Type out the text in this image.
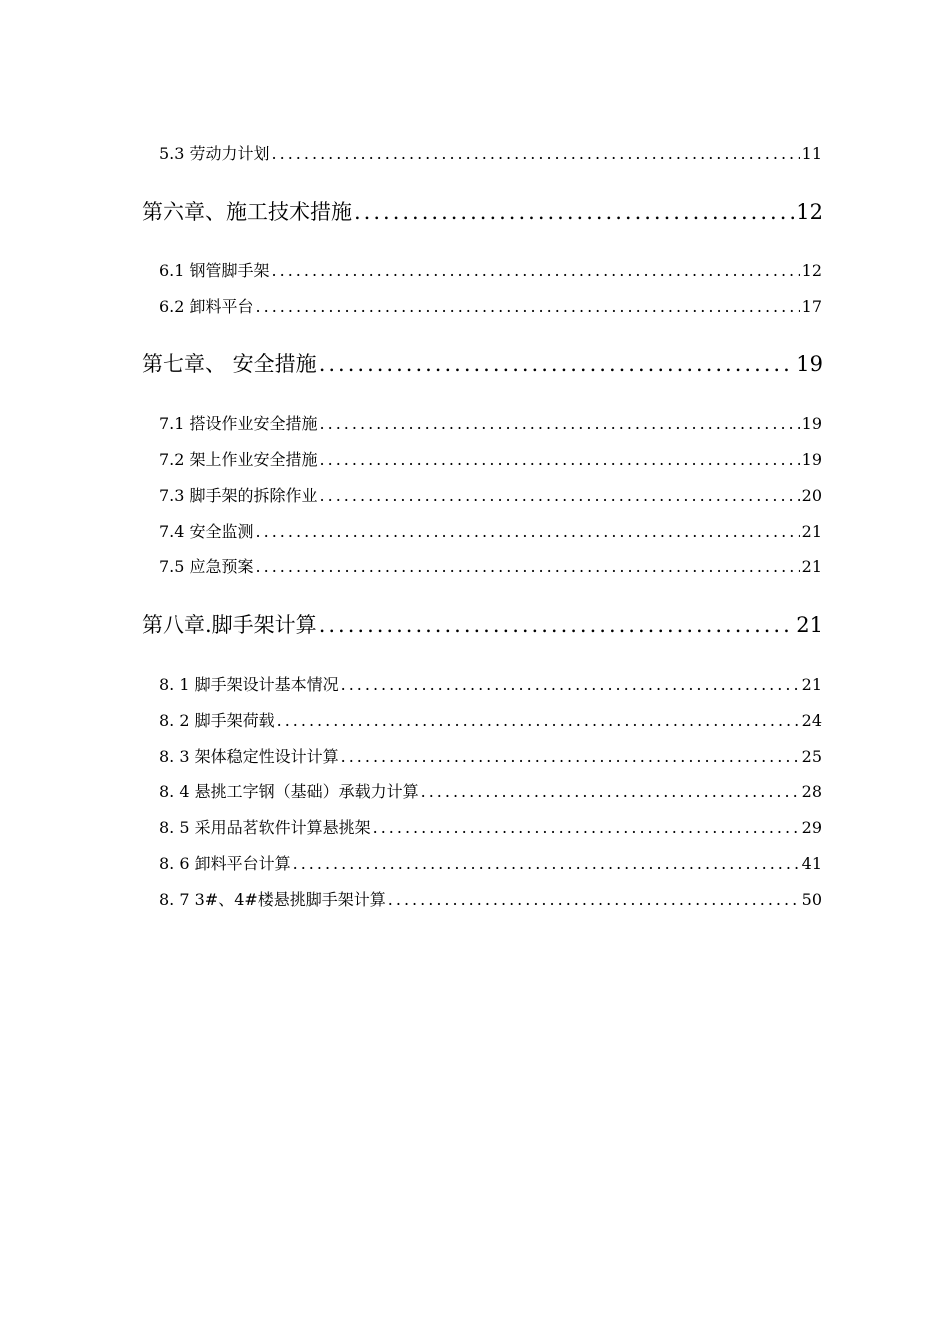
5.3 劳动力计划 .....	11
第六章、施工技术措施 .....	12
6.1 钢管脚手架 .....	12
6.2 卸料平台 .....	17
第七章、 安全措施 .....	19
7.1 搭设作业安全措施 .....	19
7.2 架上作业安全措施 .....	19
7.3 脚手架的拆除作业 .....	20
7.4 安全监测 .....	21
7.5 应急预案 .....	21
第八章.脚手架计算 .....	21
8. 1 脚手架设计基本情况 .....	21
8. 2 脚手架荷载 .....	24
8. 3 架体稳定性设计计算 .....	25
8. 4 悬挑工字钢（基础）承载力计算 .....	28
8. 5 采用品茗软件计算悬挑架 .....	29
8. 6 卸料平台计算 .....	41
8. 7 3#、4#楼悬挑脚手架计算 .....	50
